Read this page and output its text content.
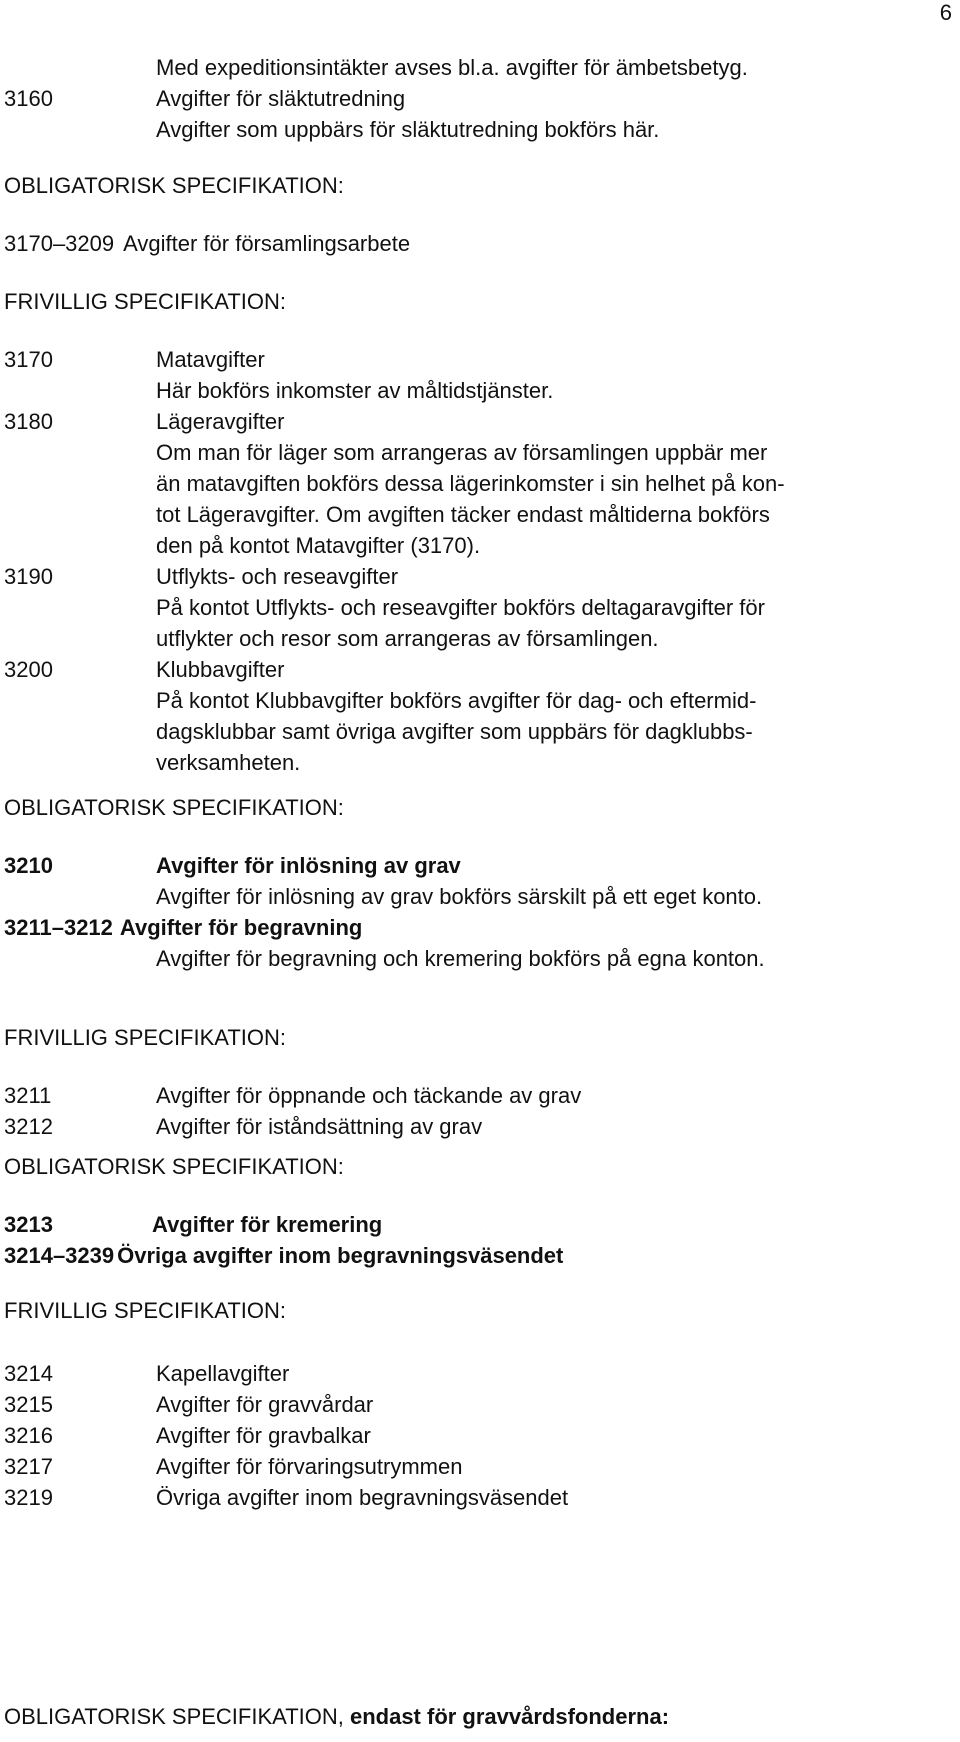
6
Med expeditionsintäkter avses bl.a. avgifter för ämbetsbetyg.
3160	Avgifter för släktutredning
Avgifter som uppbärs för släktutredning bokförs här.
OBLIGATORISK SPECIFIKATION:
3170–3209 Avgifter för församlingsarbete
FRIVILLIG SPECIFIKATION:
3170	Matavgifter
Här bokförs inkomster av måltidstjänster.
3180	Lägeravgifter
Om man för läger som arrangeras av församlingen uppbär mer
än matavgiften bokförs dessa lägerinkomster i sin helhet på kon-
tot Lägeravgifter. Om avgiften täcker endast måltiderna bokförs
den på kontot Matavgifter (3170).
3190	Utflykts- och reseavgifter
På kontot Utflykts- och reseavgifter bokförs deltagaravgifter för
utflykter och resor som arrangeras av församlingen.
3200	Klubbavgifter
På kontot Klubbavgifter bokförs avgifter för dag- och eftermid-
dagsklubbar samt övriga avgifter som uppbärs för dagklubbs-
verksamheten.
OBLIGATORISK SPECIFIKATION:
3210	Avgifter för inlösning av grav
Avgifter för inlösning av grav bokförs särskilt på ett eget konto.
3211–3212 Avgifter för begravning
Avgifter för begravning och kremering bokförs på egna konton.
FRIVILLIG SPECIFIKATION:
3211	Avgifter för öppnande och täckande av grav
3212	Avgifter för iståndsättning av grav
OBLIGATORISK SPECIFIKATION:
3213	Avgifter för kremering
3214–3239 Övriga avgifter inom begravningsväsendet
FRIVILLIG SPECIFIKATION:
3214	Kapellavgifter
3215	Avgifter för gravvårdar
3216	Avgifter för gravbalkar
3217	Avgifter för förvaringsutrymmen
3219	Övriga avgifter inom begravningsväsendet
OBLIGATORISK SPECIFIKATION, endast för gravvårdsfonderna:
